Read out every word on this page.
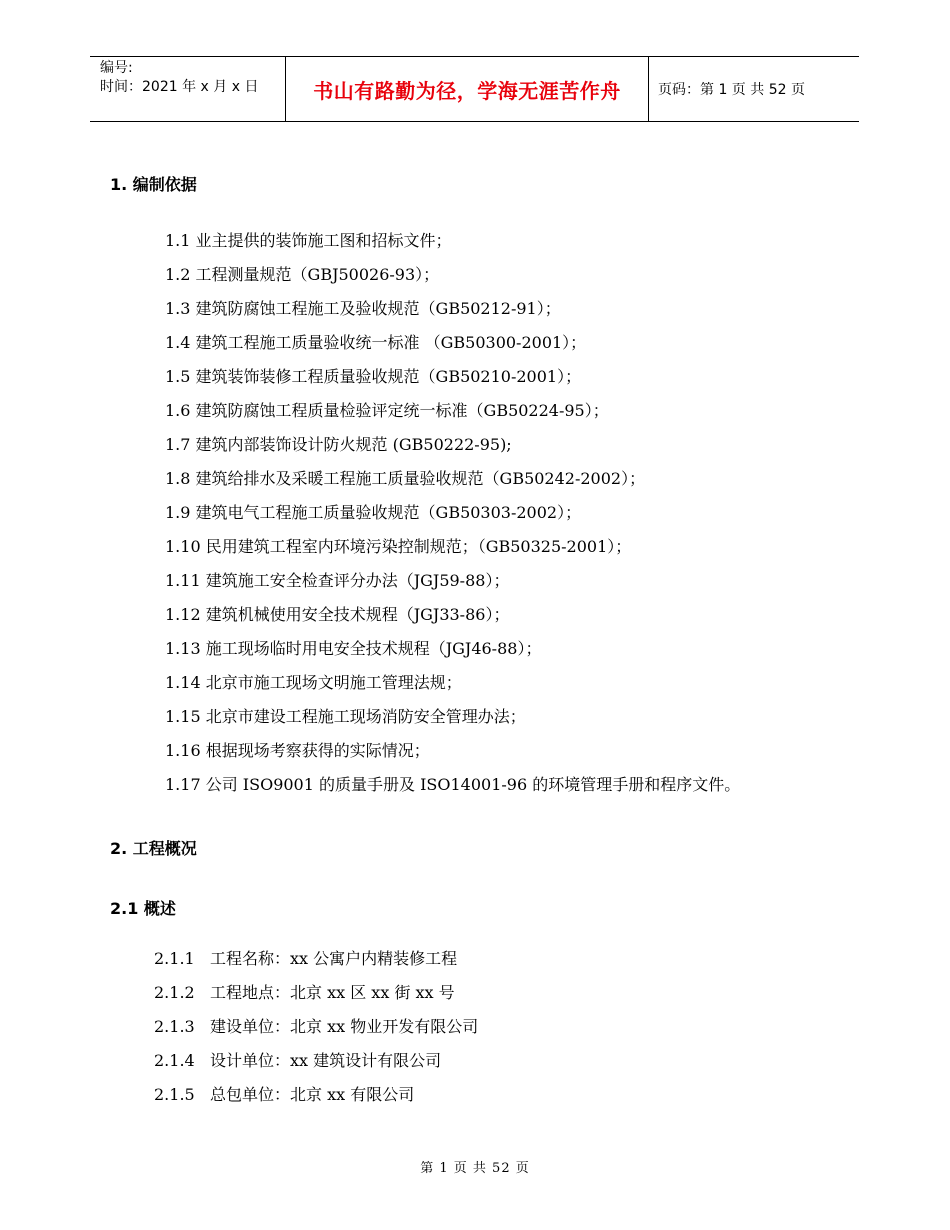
编号:
时间：2021 年 x 月 x 日	书山有路勤为径，学海无涯苦作舟	页码：第 1 页 共 52 页
1. 编制依据
1.1 业主提供的装饰施工图和招标文件；
1.2 工程测量规范（GBJ50026-93）；
1.3 建筑防腐蚀工程施工及验收规范（GB50212-91）；
1.4 建筑工程施工质量验收统一标准 （GB50300-2001）；
1.5 建筑装饰装修工程质量验收规范（GB50210-2001）；
1.6 建筑防腐蚀工程质量检验评定统一标准（GB50224-95）；
1.7 建筑内部装饰设计防火规范 (GB50222-95);
1.8 建筑给排水及采暖工程施工质量验收规范（GB50242-2002）；
1.9 建筑电气工程施工质量验收规范（GB50303-2002）；
1.10 民用建筑工程室内环境污染控制规范；（GB50325-2001）；
1.11 建筑施工安全检查评分办法（JGJ59-88）；
1.12 建筑机械使用安全技术规程（JGJ33-86）；
1.13 施工现场临时用电安全技术规程（JGJ46-88）；
1.14 北京市施工现场文明施工管理法规；
1.15 北京市建设工程施工现场消防安全管理办法；
1.16 根据现场考察获得的实际情况；
1.17 公司 ISO9001 的质量手册及 ISO14001-96 的环境管理手册和程序文件。
2. 工程概况
2.1 概述
2.1.1 工程名称：xx 公寓户内精装修工程
2.1.2 工程地点：北京 xx 区 xx 街 xx 号
2.1.3 建设单位：北京 xx 物业开发有限公司
2.1.4 设计单位：xx 建筑设计有限公司
2.1.5 总包单位：北京 xx 有限公司
第 1 页 共 52 页
